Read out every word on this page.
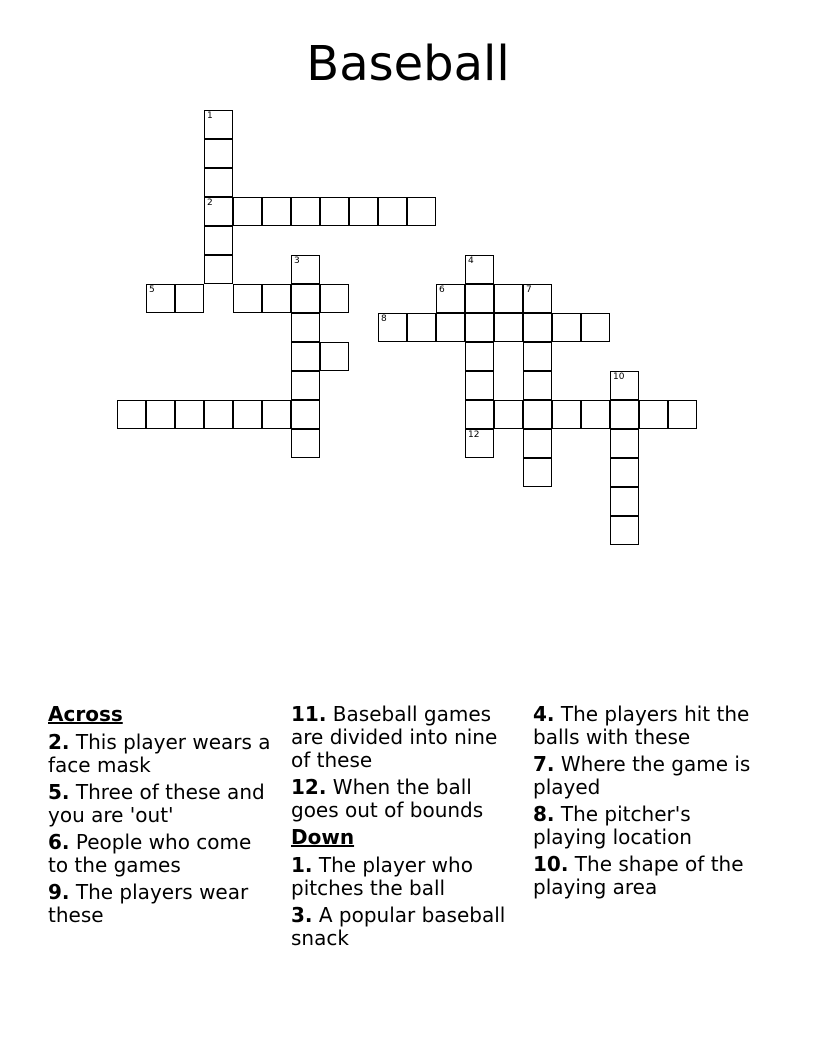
Baseball
1
2
5
3	4
6	7
8
12
10
Across
2. This player wears a face mask
5. Three of these and you are 'out'
6. People who come to the games
9. The players wear these
11. Baseball games are divided into nine of these
12. When the ball goes out of bounds
Down
1. The player who pitches the ball
3. A popular baseball snack
4. The players hit the balls with these
7. Where the game is played
8. The pitcher's playing location
10. The shape of the playing area
